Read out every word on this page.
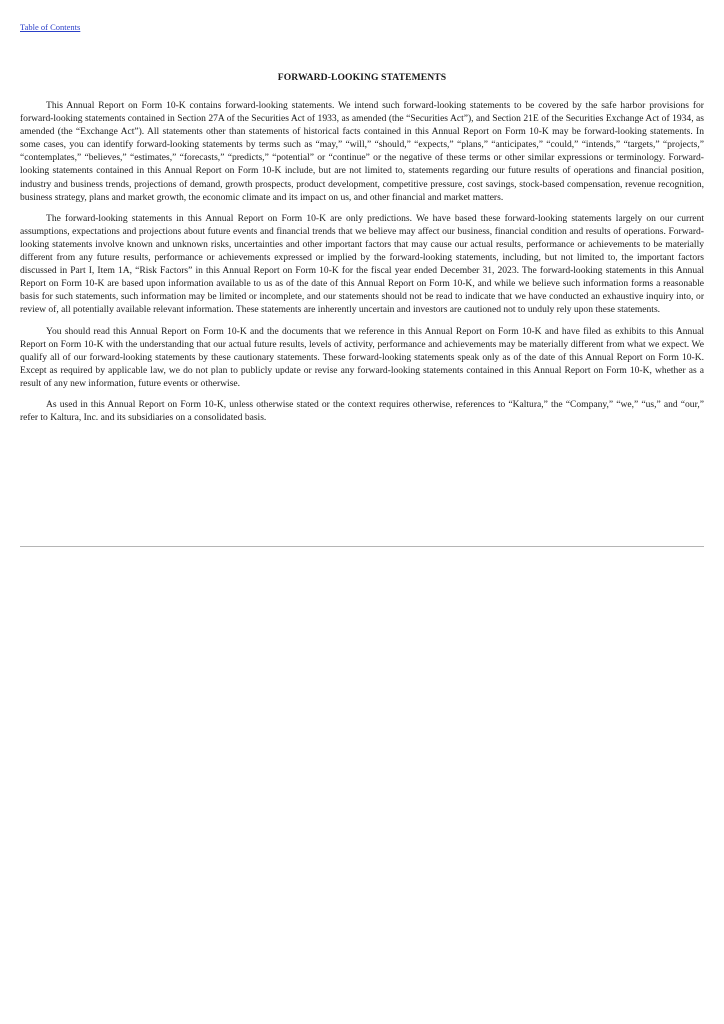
Table of Contents
FORWARD-LOOKING STATEMENTS

This Annual Report on Form 10-K contains forward-looking statements. We intend such forward-looking statements to be covered by the safe harbor provisions for forward-looking statements contained in Section 27A of the Securities Act of 1933, as amended (the “Securities Act”), and Section 21E of the Securities Exchange Act of 1934, as amended (the “Exchange Act”). All statements other than statements of historical facts contained in this Annual Report on Form 10-K may be forward-looking statements. In some cases, you can identify forward-looking statements by terms such as “may,” “will,” “should,” “expects,” “plans,” “anticipates,” “could,” “intends,” “targets,” “projects,” “contemplates,” “believes,” “estimates,” “forecasts,” “predicts,” “potential” or “continue” or the negative of these terms or other similar expressions or terminology. Forward-looking statements contained in this Annual Report on Form 10-K include, but are not limited to, statements regarding our future results of operations and financial position, industry and business trends, projections of demand, growth prospects, product development, competitive pressure, cost savings, stock-based compensation, revenue recognition, business strategy, plans and market growth, the economic climate and its impact on us, and other financial and market matters.

The forward-looking statements in this Annual Report on Form 10-K are only predictions. We have based these forward-looking statements largely on our current assumptions, expectations and projections about future events and financial trends that we believe may affect our business, financial condition and results of operations. Forward-looking statements involve known and unknown risks, uncertainties and other important factors that may cause our actual results, performance or achievements to be materially different from any future results, performance or achievements expressed or implied by the forward-looking statements, including, but not limited to, the important factors discussed in Part I, Item 1A, “Risk Factors” in this Annual Report on Form 10-K for the fiscal year ended December 31, 2023. The forward-looking statements in this Annual Report on Form 10-K are based upon information available to us as of the date of this Annual Report on Form 10-K, and while we believe such information forms a reasonable basis for such statements, such information may be limited or incomplete, and our statements should not be read to indicate that we have conducted an exhaustive inquiry into, or review of, all potentially available relevant information. These statements are inherently uncertain and investors are cautioned not to unduly rely upon these statements.

You should read this Annual Report on Form 10-K and the documents that we reference in this Annual Report on Form 10-K and have filed as exhibits to this Annual Report on Form 10-K with the understanding that our actual future results, levels of activity, performance and achievements may be materially different from what we expect. We qualify all of our forward-looking statements by these cautionary statements. These forward-looking statements speak only as of the date of this Annual Report on Form 10-K. Except as required by applicable law, we do not plan to publicly update or revise any forward-looking statements contained in this Annual Report on Form 10-K, whether as a result of any new information, future events or otherwise.

As used in this Annual Report on Form 10-K, unless otherwise stated or the context requires otherwise, references to “Kaltura,” the “Company,” “we,” “us,” and “our,” refer to Kaltura, Inc. and its subsidiaries on a consolidated basis.
